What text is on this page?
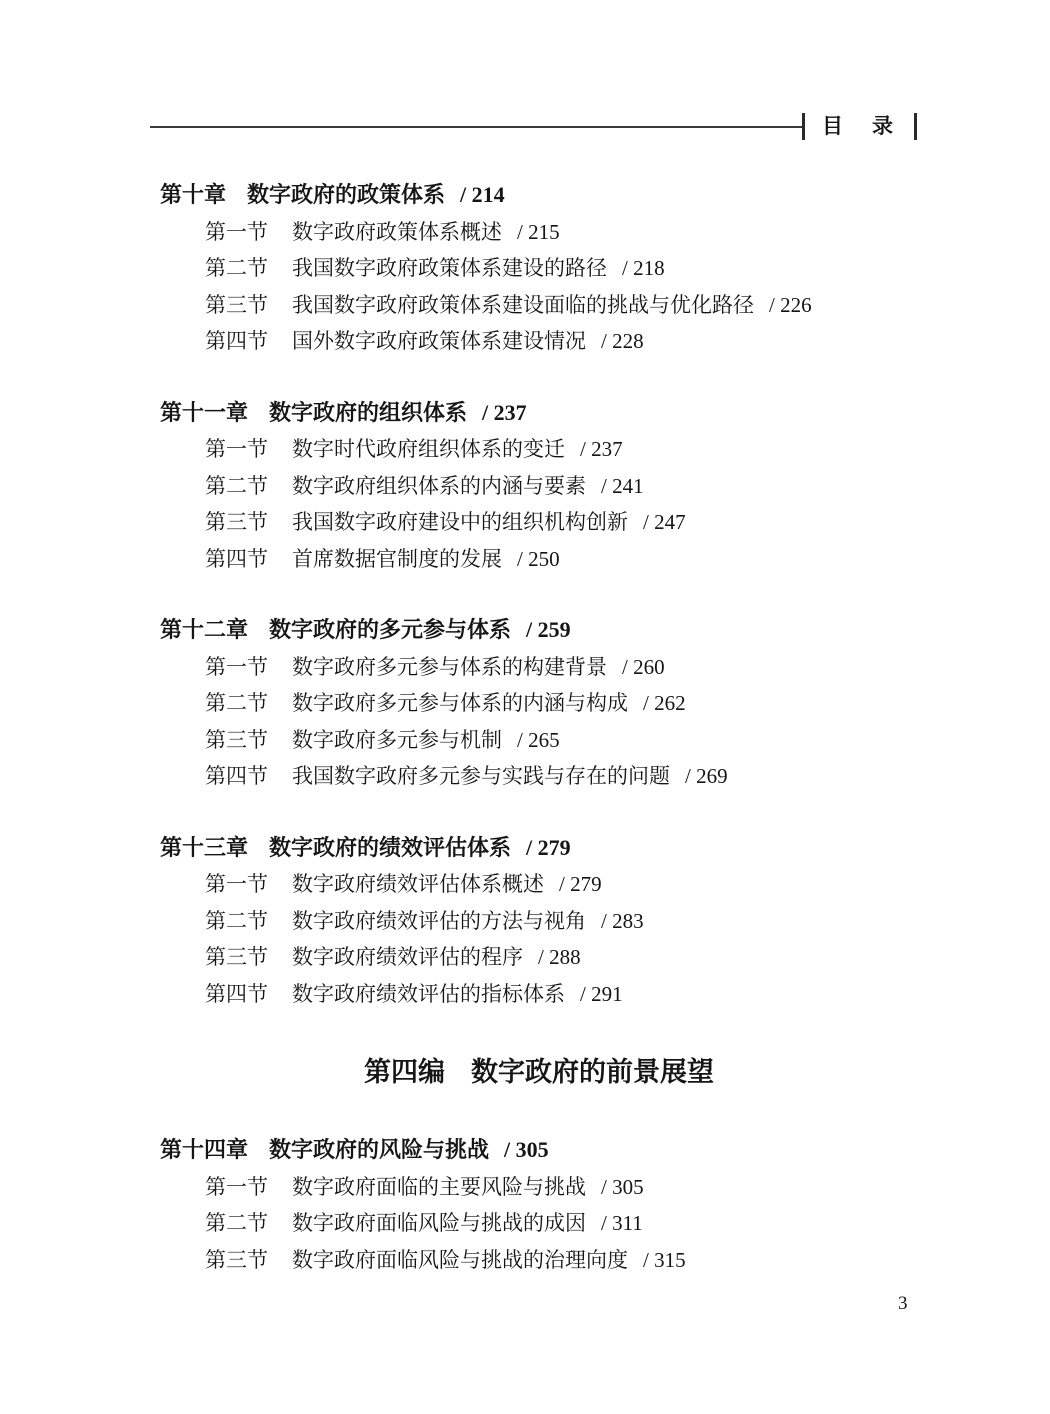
目　录
第十章 数字政府的政策体系 / 214
第一节 数字政府政策体系概述 / 215
第二节 我国数字政府政策体系建设的路径 / 218
第三节 我国数字政府政策体系建设面临的挑战与优化路径 / 226
第四节 国外数字政府政策体系建设情况 / 228
第十一章 数字政府的组织体系 / 237
第一节 数字时代政府组织体系的变迁 / 237
第二节 数字政府组织体系的内涵与要素 / 241
第三节 我国数字政府建设中的组织机构创新 / 247
第四节 首席数据官制度的发展 / 250
第十二章 数字政府的多元参与体系 / 259
第一节 数字政府多元参与体系的构建背景 / 260
第二节 数字政府多元参与体系的内涵与构成 / 262
第三节 数字政府多元参与机制 / 265
第四节 我国数字政府多元参与实践与存在的问题 / 269
第十三章 数字政府的绩效评估体系 / 279
第一节 数字政府绩效评估体系概述 / 279
第二节 数字政府绩效评估的方法与视角 / 283
第三节 数字政府绩效评估的程序 / 288
第四节 数字政府绩效评估的指标体系 / 291
第四编 数字政府的前景展望
第十四章 数字政府的风险与挑战 / 305
第一节 数字政府面临的主要风险与挑战 / 305
第二节 数字政府面临风险与挑战的成因 / 311
第三节 数字政府面临风险与挑战的治理向度 / 315
3
